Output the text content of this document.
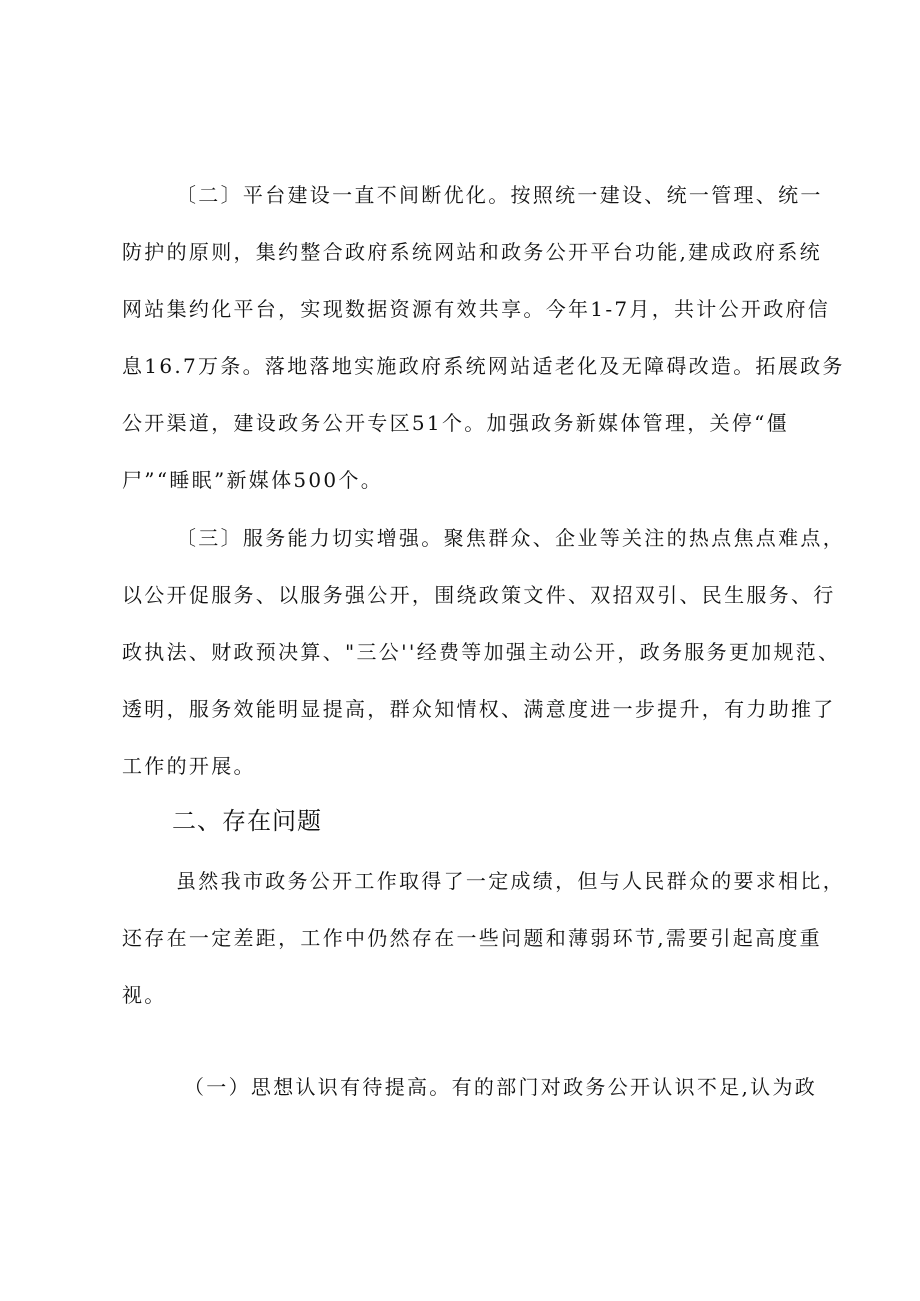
〔二〕平台建设一直不间断优化。按照统一建设、统一管理、统一
防护的原则，集约整合政府系统网站和政务公开平台功能,建成政府系统
网站集约化平台，实现数据资源有效共享。今年1-7月，共计公开政府信
息16.7万条。落地落地实施政府系统网站适老化及无障碍改造。拓展政务
公开渠道，建设政务公开专区51个。加强政务新媒体管理，关停“僵
尸”“睡眠”新媒体500个。
〔三〕服务能力切实增强。聚焦群众、企业等关注的热点焦点难点，
以公开促服务、以服务强公开，围绕政策文件、双招双引、民生服务、行
政执法、财政预决算、"三公''经费等加强主动公开，政务服务更加规范、
透明，服务效能明显提高，群众知情权、满意度进一步提升，有力助推了
工作的开展。
二、存在问题
虽然我市政务公开工作取得了一定成绩，但与人民群众的要求相比，
还存在一定差距，工作中仍然存在一些问题和薄弱环节,需要引起高度重
视。
（一）思想认识有待提高。有的部门对政务公开认识不足,认为政
